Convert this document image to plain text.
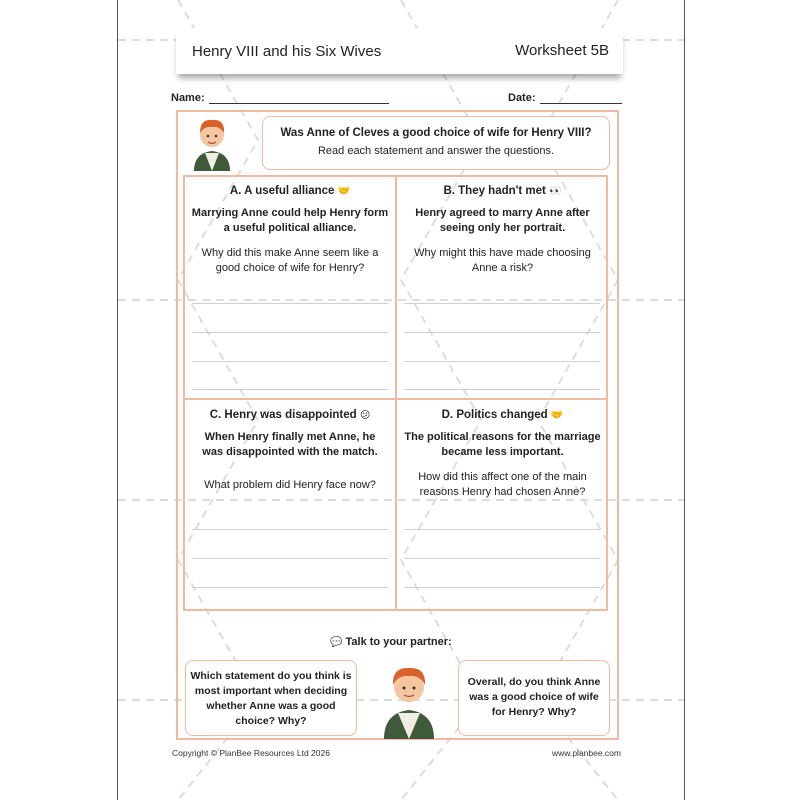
Henry VIII and his Six Wives	Worksheet 5B
Name:	Date:
Was Anne of Cleves a good choice of wife for Henry VIII?
Read each statement and answer the questions.
A. A useful alliance 🤝
Marrying Anne could help Henry form
a useful political alliance.
Why did this make Anne seem like a
good choice of wife for Henry?
B. They hadn't met 👀
Henry agreed to marry Anne after
seeing only her portrait.
Why might this have made choosing
Anne a risk?
C. Henry was disappointed 😕
When Henry finally met Anne, he
was disappointed with the match.
What problem did Henry face now?
D. Politics changed 🤝
The political reasons for the marriage
became less important.
How did this affect one of the main
reasons Henry had chosen Anne?
💬 Talk to your partner:
Which statement do you think is
most important when deciding
whether Anne was a good
choice? Why?
Overall, do you think Anne
was a good choice of wife
for Henry? Why?
Copyright © PlanBee Resources Ltd 2026	www.planbee.com
